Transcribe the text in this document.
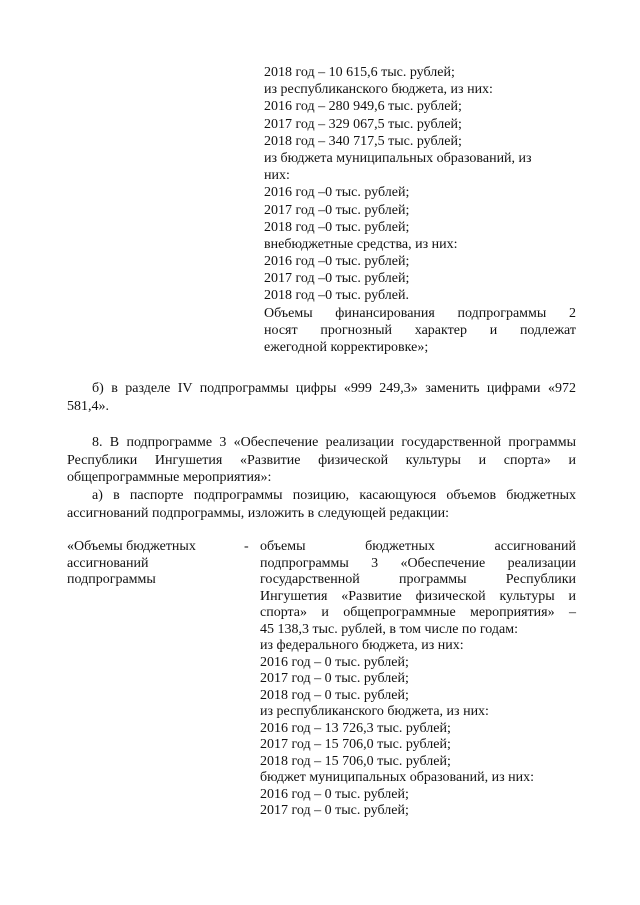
2018 год – 10 615,6 тыс. рублей;
из республиканского бюджета, из них:
2016 год – 280 949,6 тыс. рублей;
2017 год – 329 067,5 тыс. рублей;
2018 год – 340 717,5 тыс. рублей;
из бюджета муниципальных образований, из
них:
2016 год –0 тыс. рублей;
2017 год –0 тыс. рублей;
2018 год –0 тыс. рублей;
внебюджетные средства, из них:
2016 год –0 тыс. рублей;
2017 год –0 тыс. рублей;
2018 год –0 тыс. рублей.
Объемы финансирования подпрограммы 2
носят прогнозный характер и подлежат
ежегодной корректировке»;
б) в разделе IV подпрограммы цифры «999 249,3» заменить цифрами «972
581,4».
8. В подпрограмме 3 «Обеспечение реализации государственной программы
Республики Ингушетия «Развитие физической культуры и спорта» и
общепрограммные мероприятия»:
а) в паспорте подпрограммы позицию, касающуюся объемов бюджетных
ассигнований подпрограммы, изложить в следующей редакции:
«Объемы бюджетных
ассигнований
подпрограммы
- объемы бюджетных ассигнований
подпрограммы 3 «Обеспечение реализации
государственной программы Республики
Ингушетия «Развитие физической культуры и
спорта» и общепрограммные мероприятия» –
45 138,3 тыс. рублей, в том числе по годам:
из федерального бюджета, из них:
2016 год – 0 тыс. рублей;
2017 год – 0 тыс. рублей;
2018 год – 0 тыс. рублей;
из республиканского бюджета, из них:
2016 год – 13 726,3 тыс. рублей;
2017 год – 15 706,0 тыс. рублей;
2018 год – 15 706,0 тыс. рублей;
бюджет муниципальных образований, из них:
2016 год – 0 тыс. рублей;
2017 год – 0 тыс. рублей;
